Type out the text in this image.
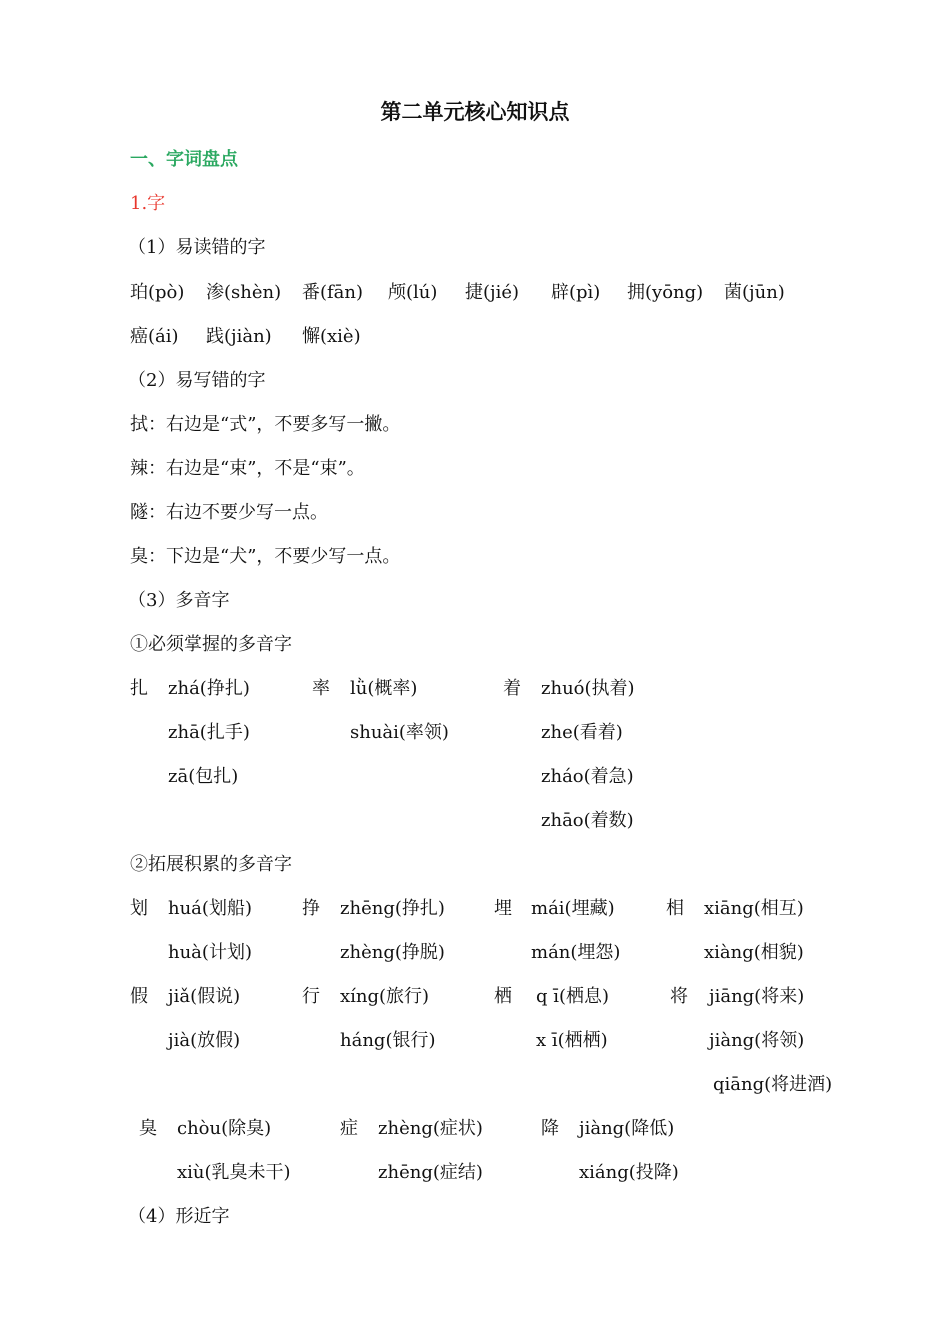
第二单元核心知识点
一、字词盘点
1.字
（1）易读错的字
珀(pò) 渗(shèn) 番(fān) 颅(lú) 捷(jié) 辟(pì) 拥(yōng) 菌(jūn)
癌(ái) 践(jiàn) 懈(xiè)
（2）易写错的字
拭：右边是“式”，不要多写一撇。
辣：右边是“束”，不是“束”。
隧：右边不要少写一点。
臭：下边是“犬”，不要少写一点。
（3）多音字
①必须掌握的多音字
扎 zhá(挣扎)
zhā(扎手)
zā(包扎)
率 lǜ(概率)
shuài(率领)
着 zhuó(执着)
zhe(看着)
zháo(着急)
zhāo(着数)
②拓展积累的多音字
划 huá(划船)
huà(计划)
挣 zhēng(挣扎)
zhèng(挣脱)
埋 mái(埋藏)
mán(埋怨)
相 xiāng(相互)
xiàng(相貌)
假 jiǎ(假说)
jià(放假)
行 xíng(旅行)
háng(银行)
栖 q ī(栖息)
x ī(栖栖)
将 jiāng(将来)
jiàng(将领)
qiāng(将进酒)
臭 chòu(除臭)
xiù(乳臭未干)
症 zhèng(症状)
zhēng(症结)
降 jiàng(降低)
xiáng(投降)
（4）形近字
